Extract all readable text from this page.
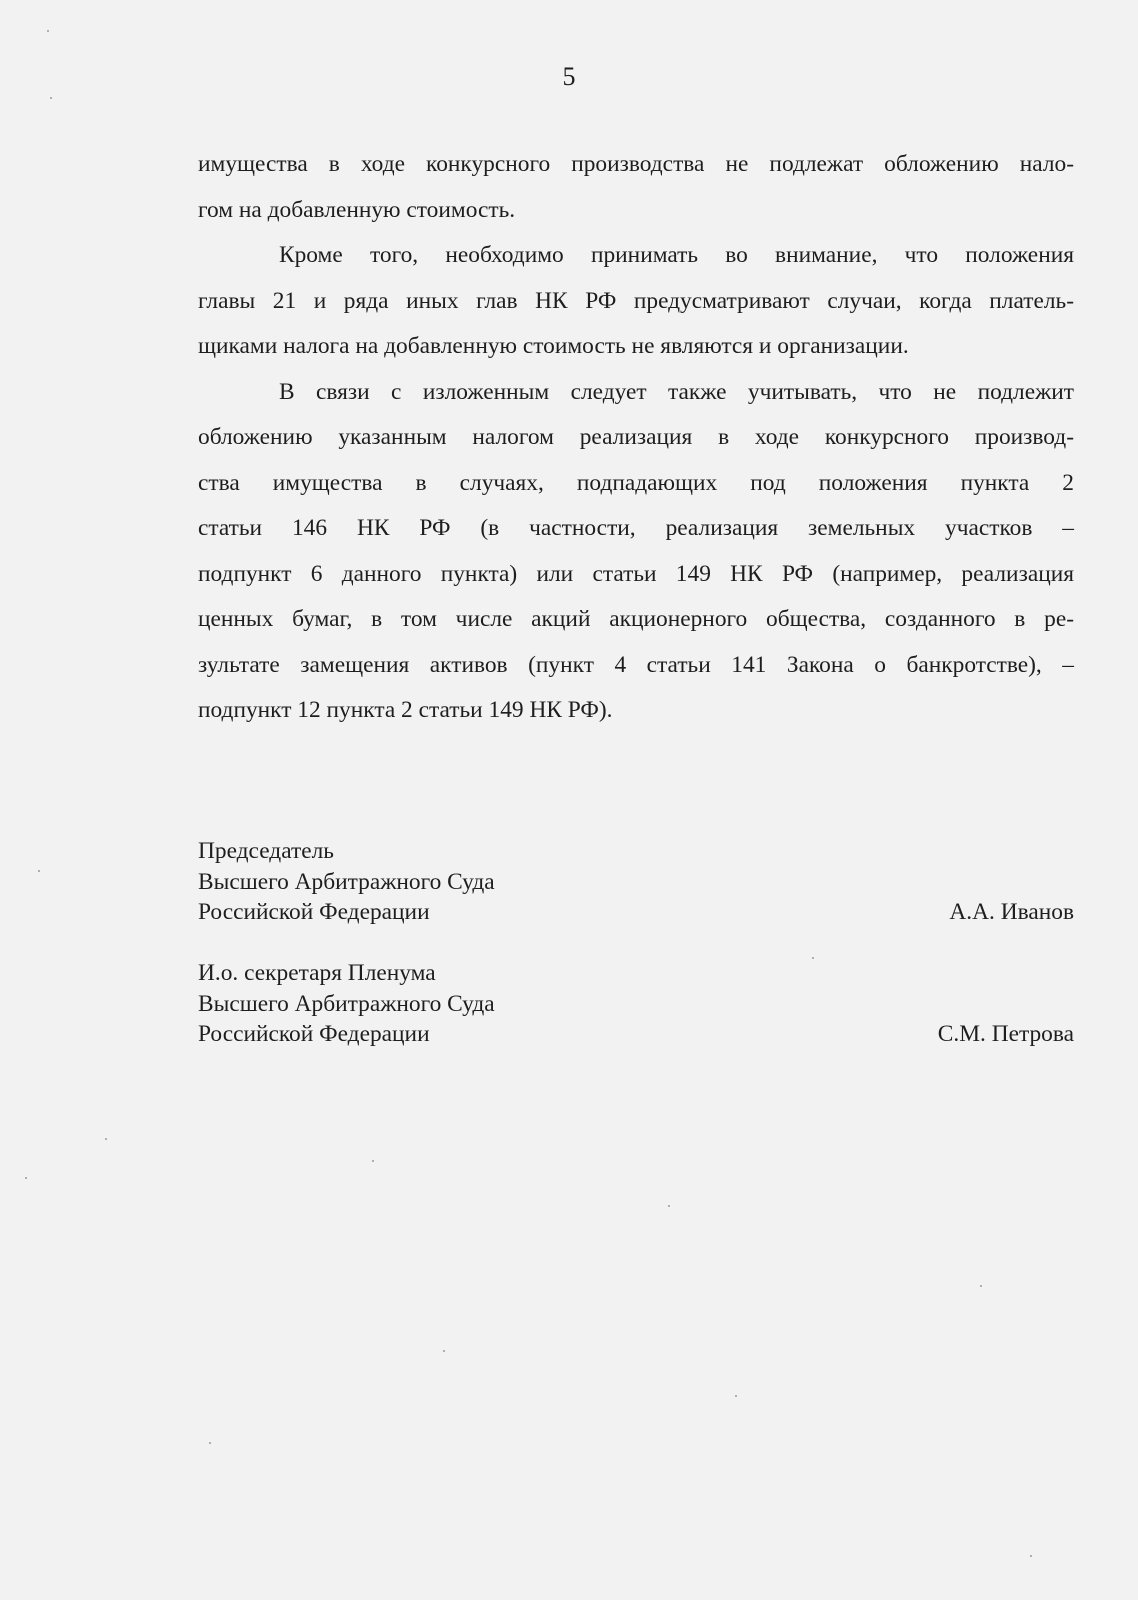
5

имущества в ходе конкурсного производства не подлежат обложению нало-
гом на добавленную стоимость.

Кроме того, необходимо принимать во внимание, что положения
главы 21 и ряда иных глав НК РФ предусматривают случаи, когда платель-
щиками налога на добавленную стоимость не являются и организации.

В связи с изложенным следует также учитывать, что не подлежит
обложению указанным налогом реализация в ходе конкурсного производ-
ства имущества в случаях, подпадающих под положения пункта 2
статьи 146 НК РФ (в частности, реализация земельных участков –
подпункт 6 данного пункта) или статьи 149 НК РФ (например, реализация
ценных бумаг, в том числе акций акционерного общества, созданного в ре-
зультате замещения активов (пункт 4 статьи 141 Закона о банкротстве), –
подпункт 12 пункта 2 статьи 149 НК РФ).

Председатель
Высшего Арбитражного Суда
Российской Федерации	А.А. Иванов
И.о. секретаря Пленума
Высшего Арбитражного Суда
Российской Федерации	С.М. Петрова
